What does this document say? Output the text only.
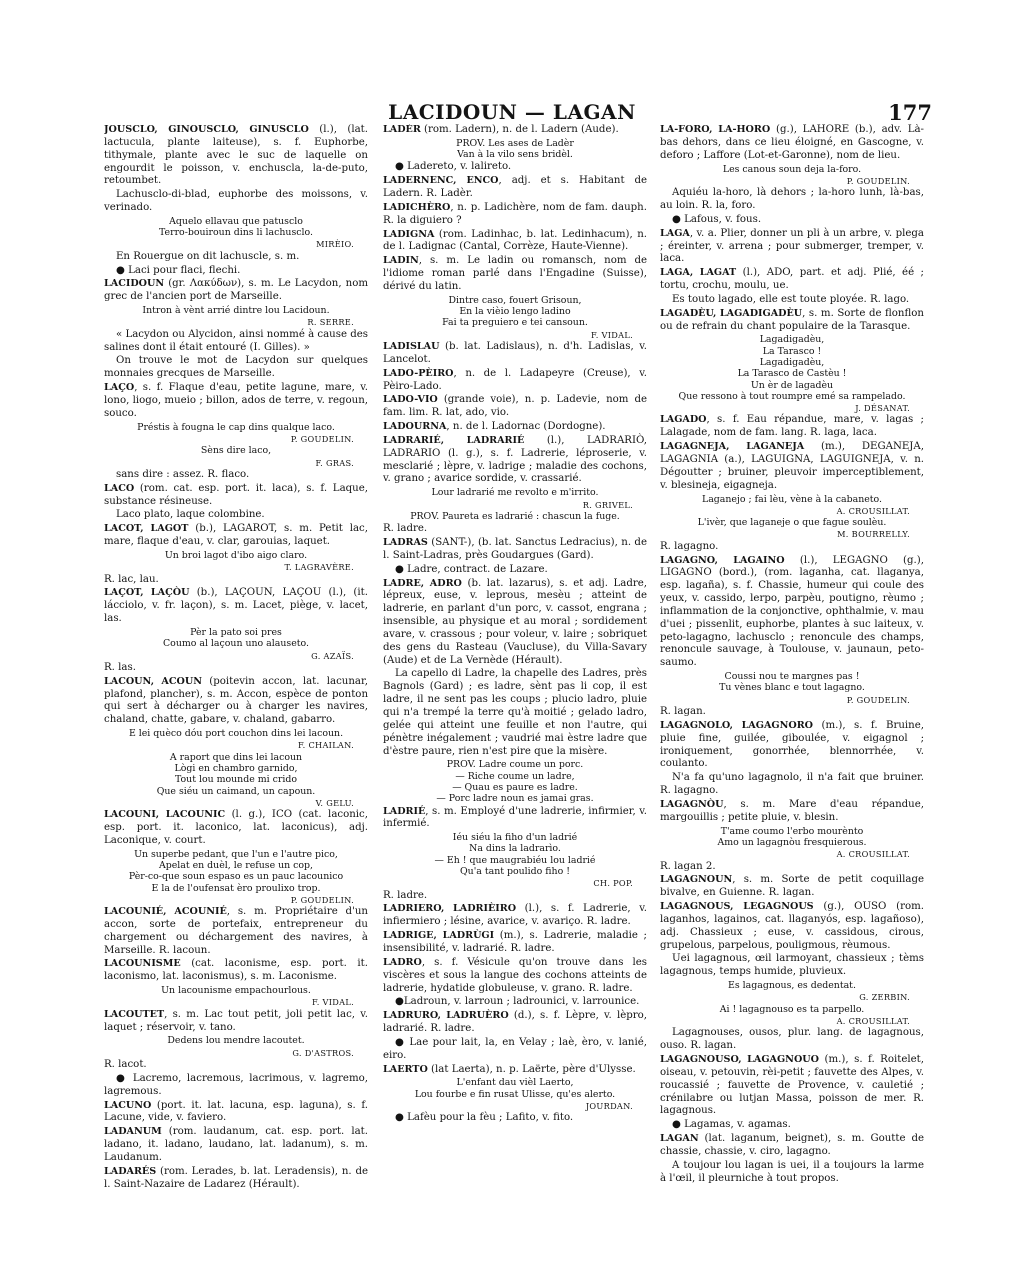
LACIDOUN — LAGAN	177

JOUSCLO, GINOUSCLO, GINUSCLO (l.), (lat. lactucula, plante laiteuse), s. f. Euphorbe, tithymale, plante avec le suc de laquelle on engourdit le poisson, v. enchuscla, la-de-puto, retoumbet.

Lachusclo-di-blad, euphorbe des moissons, v. verinado.

Aquelo ellavau que patusclo
Terro-bouiroun dins li lachusclo.
MIRÈIO.

En Rouergue on dit lachuscle, s. m.

● Laci pour flaci, flechi.

LACIDOUN (gr. Λακύδων), s. m. Le Lacydon, nom grec de l'ancien port de Marseille.

Intron à vènt arrié dintre lou Lacidoun.
R. SERRE.

« Lacydon ou Alycidon, ainsi nommé à cause des salines dont il était entouré (I. Gilles). »

On trouve le mot de Lacydon sur quelques monnaies grecques de Marseille.

LAÇO, s. f. Flaque d'eau, petite lagune, mare, v. lono, liogo, mueio ; billon, ados de terre, v. regoun, souco.

Préstis à fougna le cap dins qualque laco.
P. GOUDELIN.
Sèns dire laco,
F. GRAS.

sans dire : assez. R. flaco.

LACO (rom. cat. esp. port. it. laca), s. f. Laque, substance résineuse.

Laco plato, laque colombine.

LACOT, LAGOT (b.), LAGAROT, s. m. Petit lac, mare, flaque d'eau, v. clar, garouias, laquet.

Un broi lagot d'ibo aigo claro.
T. LAGRAVÈRE.
R. lac, lau.

LAÇOT, LAÇÒU (b.), LAÇOUN, LAÇOU (l.), (it. lácciolo, v. fr. laçon), s. m. Lacet, piège, v. lacet, las.

Pèr la pato soi pres
Coumo al laçoun uno alauseto.
G. AZAÏS.
R. las.

LACOUN, ACOUN (poitevin accon, lat. lacunar, plafond, plancher), s. m. Accon, espèce de ponton qui sert à décharger ou à charger les navires, chaland, chatte, gabare, v. chaland, gabarro.

E lei quèco dóu port couchon dins lei lacoun.
F. CHAILAN.
A raport que dins lei lacoun
Lògi en chambro garnido,
Tout lou mounde mi crido
Que siéu un caimand, un capoun.
V. GELU.

LACOUNI, LACOUNIC (l. g.), ICO (cat. laconic, esp. port. it. laconico, lat. laconicus), adj. Laconique, v. court.

Un superbe pedant, que l'un e l'autre pico,
Apelat en duèl, le refuse un cop,
Pèr-co-que soun espaso es un pauc lacounico
E la de l'oufensat èro proulixo trop.
P. GOUDELIN.

LACOUNIÉ, ACOUNIÉ, s. m. Propriétaire d'un accon, sorte de portefaix, entrepreneur du chargement ou déchargement des navires, à Marseille. R. lacoun.

LACOUNISME (cat. laconisme, esp. port. it. laconismo, lat. laconismus), s. m. Laconisme.

Un lacounisme empachourlous.
F. VIDAL.

LACOUTET, s. m. Lac tout petit, joli petit lac, v. laquet ; réservoir, v. tano.

Dedens lou mendre lacoutet.
G. D'ASTROS.
R. lacot.

● Lacremo, lacremous, lacrimous, v. lagremo, lagremous.

LACUNO (port. it. lat. lacuna, esp. laguna), s. f. Lacune, vide, v. faviero.

LADANUM (rom. laudanum, cat. esp. port. lat. ladano, it. ladano, laudano, lat. ladanum), s. m. Laudanum.

LADARÉS (rom. Lerades, b. lat. Leradensis), n. de l. Saint-Nazaire de Ladarez (Hérault).

LADÈR (rom. Ladern), n. de l. Ladern (Aude).

PROV. Les ases de Ladèr
Van à la vilo sens bridèl.

● Ladereto, v. lalireto.

LADERNENC, ENCO, adj. et s. Habitant de Ladern. R. Ladèr.

LADICHÈRO, n. p. Ladichère, nom de fam. dauph. R. la diguiero ?

LADIGNA (rom. Ladinhac, b. lat. Ledinhacum), n. de l. Ladignac (Cantal, Corrèze, Haute-Vienne).

LADIN, s. m. Le ladin ou romansch, nom de l'idiome roman parlé dans l'Engadine (Suisse), dérivé du latin.

Dintre caso, fouert Grisoun,
En la vièio lengo ladino
Fai ta preguiero e tei cansoun.
F. VIDAL.

LADISLAU (b. lat. Ladislaus), n. d'h. Ladislas, v. Lancelot.

LADO-PÈIRO, n. de l. Ladapeyre (Creuse), v. Pèiro-Lado.

LADO-VIO (grande voie), n. p. Ladevie, nom de fam. lim. R. lat, ado, vio.

LADOURNA, n. de l. Ladornac (Dordogne).

LADRARIÉ, LADRARIÉ (l.), LADRARIÒ, LADRARIO (l. g.), s. f. Ladrerie, léproserie, v. mesclarié ; lèpre, v. ladrige ; maladie des cochons, v. grano ; avarice sordide, v. crassarié.

Lour ladrarié me revolto e m'irrito.
R. GRIVEL.
PROV. Paureta es ladrarié : chascun la fuge.
R. ladre.

LADRAS (SANT-), (b. lat. Sanctus Ledracius), n. de l. Saint-Ladras, près Goudargues (Gard).

● Ladre, contract. de Lazare.

LADRE, ADRO (b. lat. lazarus), s. et adj. Ladre, lépreux, euse, v. leprous, mesèu ; atteint de ladrerie, en parlant d'un porc, v. cassot, engrana ; insensible, au physique et au moral ; sordidement avare, v. crassous ; pour voleur, v. laire ; sobriquet des gens du Rasteau (Vaucluse), du Villa-Savary (Aude) et de La Vernède (Hérault).

La capello di Ladre, la chapelle des Ladres, près Bagnols (Gard) ; es ladre, sènt pas li cop, il est ladre, il ne sent pas les coups ; plucio ladro, pluie qui n'a trempé la terre qu'à moitié ; gelado ladro, gelée qui atteint une feuille et non l'autre, qui pénètre inégalement ; vaudrié mai èstre ladre que d'èstre paure, rien n'est pire que la misère.

PROV. Ladre coume un porc.
— Riche coume un ladre,
— Quau es paure es ladre.
— Porc ladre noun es jamai gras.

LADRIÉ, s. m. Employé d'une ladrerie, infirmier, v. infermié.

Iéu siéu la fiho d'un ladrié
Na dins la ladrarìo.
— Eh ! que maugrabiéu lou ladrié
Qu'a tant poulido fiho !
CH. POP.
R. ladre.

LADRIERO, LADRIÈIRO (l.), s. f. Ladrerie, v. infiermiero ; lésine, avarice, v. avariço. R. ladre.

LADRIGE, LADRÙGI (m.), s. Ladrerie, maladie ; insensibilité, v. ladrarié. R. ladre.

LADRO, s. f. Vésicule qu'on trouve dans les viscères et sous la langue des cochons atteints de ladrerie, hydatide globuleuse, v. grano. R. ladre.

●Ladroun, v. larroun ; ladrounici, v. larrounice.

LADRURO, LADRUÈRO (d.), s. f. Lèpre, v. lèpro, ladrarié. R. ladre.

● Lae pour lait, la, en Velay ; laè, èro, v. lanié, eiro.

LAERTO (lat Laerta), n. p. Laërte, père d'Ulysse.

L'enfant dau vièl Laerto,
Lou fourbe e fin rusat Ulisse, qu'es alerto.
JOURDAN.

● Lafèu pour la fèu ; Lafito, v. fito.

LA-FORO, LA-HORO (g.), LAHORE (b.), adv. Là-bas dehors, dans ce lieu éloigné, en Gascogne, v. deforo ; Laffore (Lot-et-Garonne), nom de lieu.

Les canous soun deja la-foro.
P. GOUDELIN.

Aquiéu la-horo, là dehors ; la-horo lunh, là-bas, au loin. R. la, foro.

● Lafous, v. fous.

LAGA, v. a. Plier, donner un pli à un arbre, v. plega ; éreinter, v. arrena ; pour submerger, tremper, v. laca.

LAGA, LAGAT (l.), ADO, part. et adj. Plié, éé ; tortu, crochu, moulu, ue.

Es touto lagado, elle est toute ployée. R. lago.

LAGADÈU, LAGADIGADÈU, s. m. Sorte de flonflon ou de refrain du chant populaire de la Tarasque.

Lagadigadèu,
La Tarasco !
Lagadigadèu,
La Tarasco de Castèu !
Un èr de lagadèu
Que ressono à tout roumpre emé sa rampelado.
J. DÉSANAT.

LAGADO, s. f. Eau répandue, mare, v. lagas ; Lalagade, nom de fam. lang. R. laga, laca.

LAGAGNEJA, LAGANEJA (m.), DEGANEJA, LAGAGNIA (a.), LAGUIGNA, LAGUIGNEJA, v. n. Dégoutter ; bruiner, pleuvoir imperceptiblement, v. blesineja, eigagneja.

Laganejo ; fai lèu, vène à la cabaneto.
A. CROUSILLAT.
L'ivèr, que laganeje o que fague soulèu.
M. BOURRELLY.
R. lagagno.

LAGAGNO, LAGAINO (l.), LEGAGNO (g.), LIGAGNO (bord.), (rom. laganha, cat. llaganya, esp. lagaña), s. f. Chassie, humeur qui coule des yeux, v. cassido, lerpo, parpèu, poutigno, rèumo ; inflammation de la conjonctive, ophthalmie, v. mau d'uei ; pissenlit, euphorbe, plantes à suc laiteux, v. peto-lagagno, lachusclo ; renoncule des champs, renoncule sauvage, à Toulouse, v. jaunaun, peto-saumo.

Coussi nou te margnes pas !
Tu vènes blanc e tout lagagno.
P. GOUDELIN.
R. lagan.

LAGAGNOLO, LAGAGNORO (m.), s. f. Bruine, pluie fine, guilée, giboulée, v. eigagnol ; ironiquement, gonorrhée, blennorrhée, v. coulanto.

N'a fa qu'uno lagagnolo, il n'a fait que bruiner. R. lagagno.

LAGAGNÒU, s. m. Mare d'eau répandue, margouillis ; petite pluie, v. blesin.

T'ame coumo l'erbo mourènto
Amo un lagagnòu fresquierous.
A. CROUSILLAT.
R. lagan 2.

LAGAGNOUN, s. m. Sorte de petit coquillage bivalve, en Guienne. R. lagan.

LAGAGNOUS, LEGAGNOUS (g.), OUSO (rom. laganhos, lagainos, cat. llaganyós, esp. lagañoso), adj. Chassieux ; euse, v. cassidous, cirous, grupelous, parpelous, pouligmous, rèumous.

Uei lagagnous, œil larmoyant, chassieux ; tèms lagagnous, temps humide, pluvieux.

Es lagagnous, es dedentat.
G. ZERBIN.
Ai ! lagagnouso es ta parpello.
A. CROUSILLAT.

Lagagnouses, ousos, plur. lang. de lagagnous, ouso. R. lagan.

LAGAGNOUSO, LAGAGNOUO (m.), s. f. Roitelet, oiseau, v. petouvin, rèi-petit ; fauvette des Alpes, v. roucassié ; fauvette de Provence, v. cauletié ; crénilabre ou lutjan Massa, poisson de mer. R. lagagnous.

● Lagamas, v. agamas.

LAGAN (lat. laganum, beignet), s. m. Goutte de chassie, chassie, v. ciro, lagagno.

A toujour lou lagan is uei, il a toujours la larme à l'œil, il pleurniche à tout propos.
